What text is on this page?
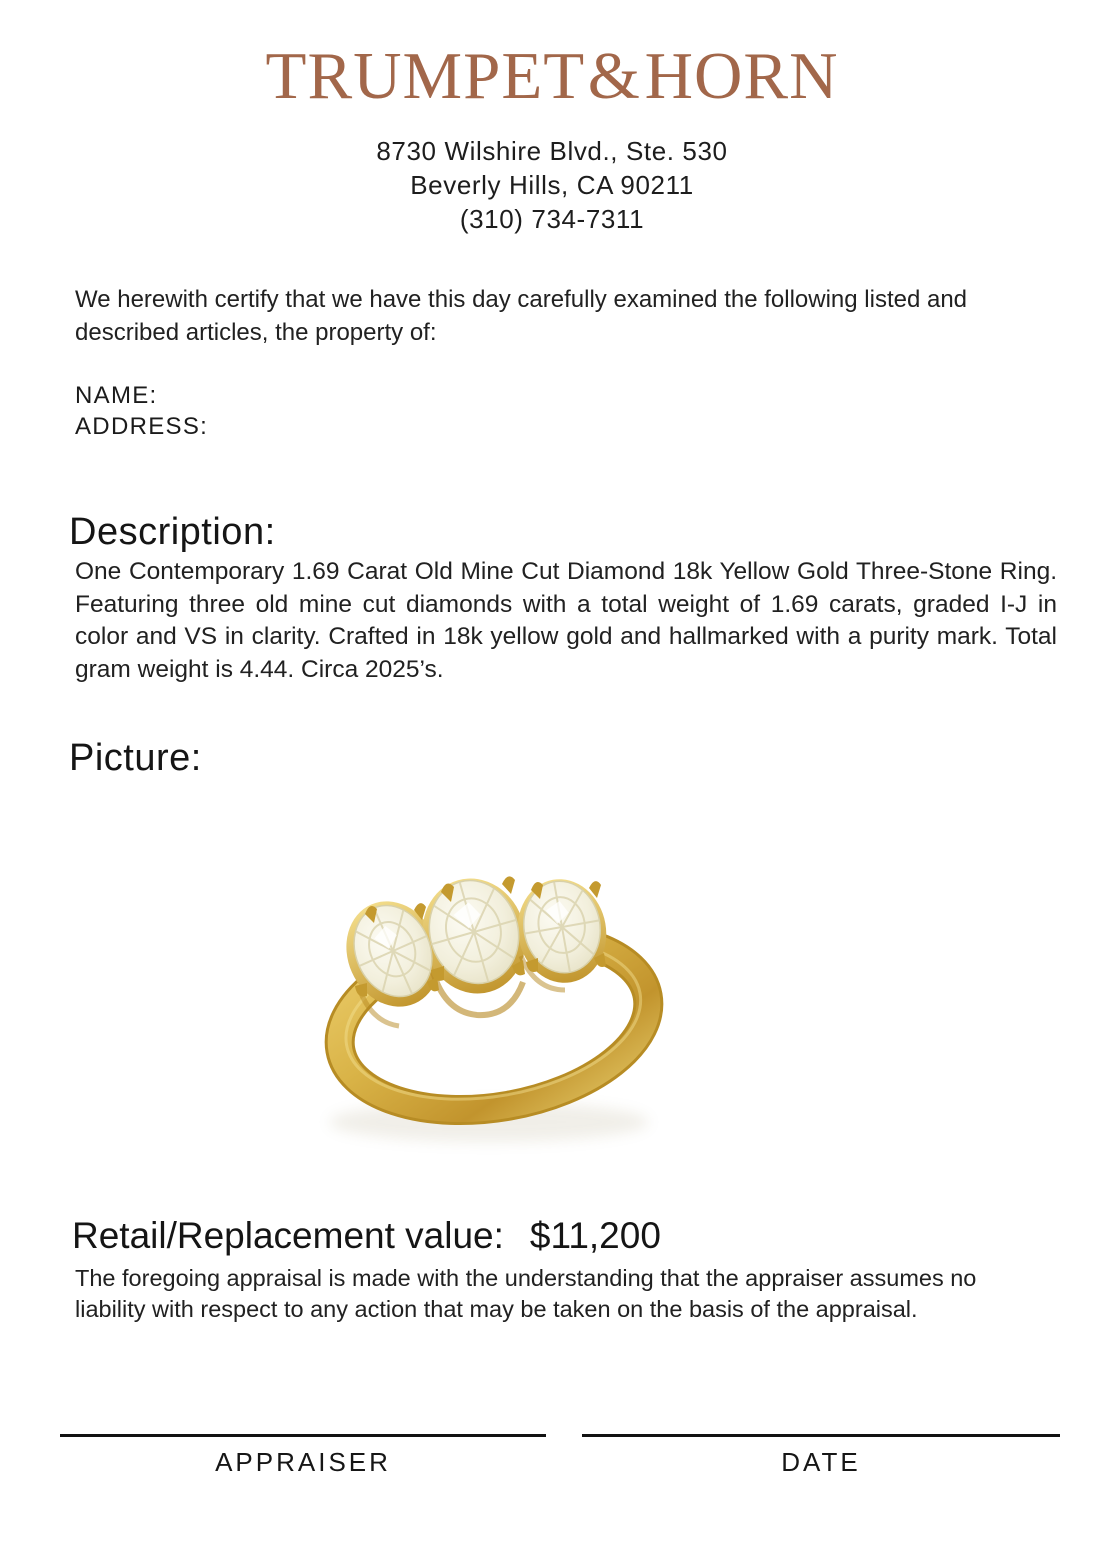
TRUMPET & HORN
8730 Wilshire Blvd., Ste. 530
Beverly Hills, CA 90211
(310) 734-7311
We herewith certify that we have this day carefully examined the following listed and described articles, the property of:
NAME:
ADDRESS:
Description:
One Contemporary 1.69 Carat Old Mine Cut Diamond 18k Yellow Gold Three-Stone Ring. Featuring three old mine cut diamonds with a total weight of 1.69 carats, graded I-J in color and VS in clarity. Crafted in 18k yellow gold and hallmarked with a purity mark. Total gram weight is 4.44. Circa 2025’s.
Picture:
Retail/Replacement value: $11,200
The foregoing appraisal is made with the understanding that the appraiser assumes no liability with respect to any action that may be taken on the basis of the appraisal.
APPRAISER	DATE
